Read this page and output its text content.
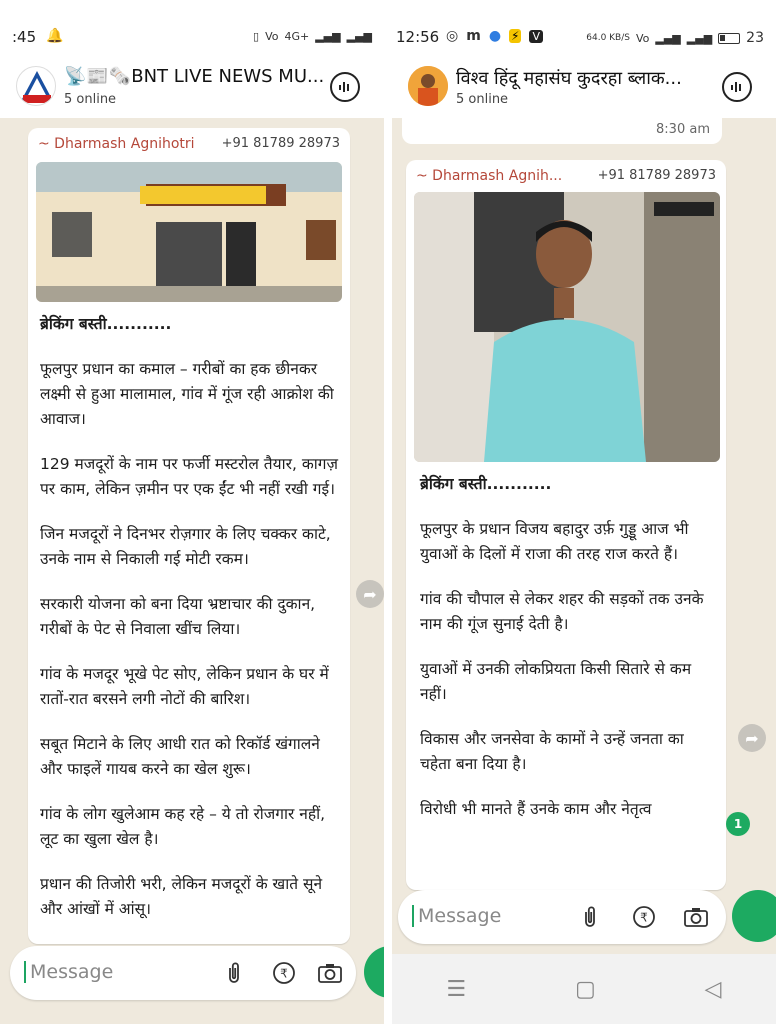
:45 🔔	▯ Vo 4G+ ▂▄▆ ▂▄▆
📡📰🗞️BNT LIVE NEWS MU...
5 online
~ Dharmash Agnihotri +91 81789 28973
ब्रेकिंग बस्ती...........

फूलपुर प्रधान का कमाल – गरीबों का हक छीनकर लक्ष्मी से हुआ मालामाल, गांव में गूंज रही आक्रोश की आवाज।

129 मजदूरों के नाम पर फर्जी मस्टरोल तैयार, कागज़ पर काम, लेकिन ज़मीन पर एक ईंट भी नहीं रखी गई।

जिन मजदूरों ने दिनभर रोज़गार के लिए चक्कर काटे, उनके नाम से निकाली गई मोटी रकम।

सरकारी योजना को बना दिया भ्रष्टाचार की दुकान, गरीबों के पेट से निवाला खींच लिया।

गांव के मजदूर भूखे पेट सोए, लेकिन प्रधान के घर में रातों-रात बरसने लगी नोटों की बारिश।

सबूत मिटाने के लिए आधी रात को रिकॉर्ड खंगालने और फाइलें गायब करने का खेल शुरू।

गांव के लोग खुलेआम कह रहे – ये तो रोजगार नहीं, लूट का खुला खेल है।

प्रधान की तिजोरी भरी, लेकिन मजदूरों के खाते सूने और आंखों में आंसू।

➦
Message	₹
12:56 ◎ m ● ⚡ V	64.0 KB/S Vo ▂▄▆ ▂▄▆ 23
विश्व हिंदू महासंघ कुदरहा ब्लाक...
5 online
8:30 am
~ Dharmash Agnih...	+91 81789 28973
ब्रेकिंग बस्ती...........

फूलपुर के प्रधान विजय बहादुर उर्फ़ गुड्डू आज भी युवाओं के दिलों में राजा की तरह राज करते हैं।

गांव की चौपाल से लेकर शहर की सड़कों तक उनके नाम की गूंज सुनाई देती है।

युवाओं में उनकी लोकप्रियता किसी सितारे से कम नहीं।

विकास और जनसेवा के कामों ने उन्हें जनता का चहेता बना दिया है।

विरोधी भी मानते हैं उनके काम और नेतृत्व

➦
1
Message	₹
☰	▢	◁
